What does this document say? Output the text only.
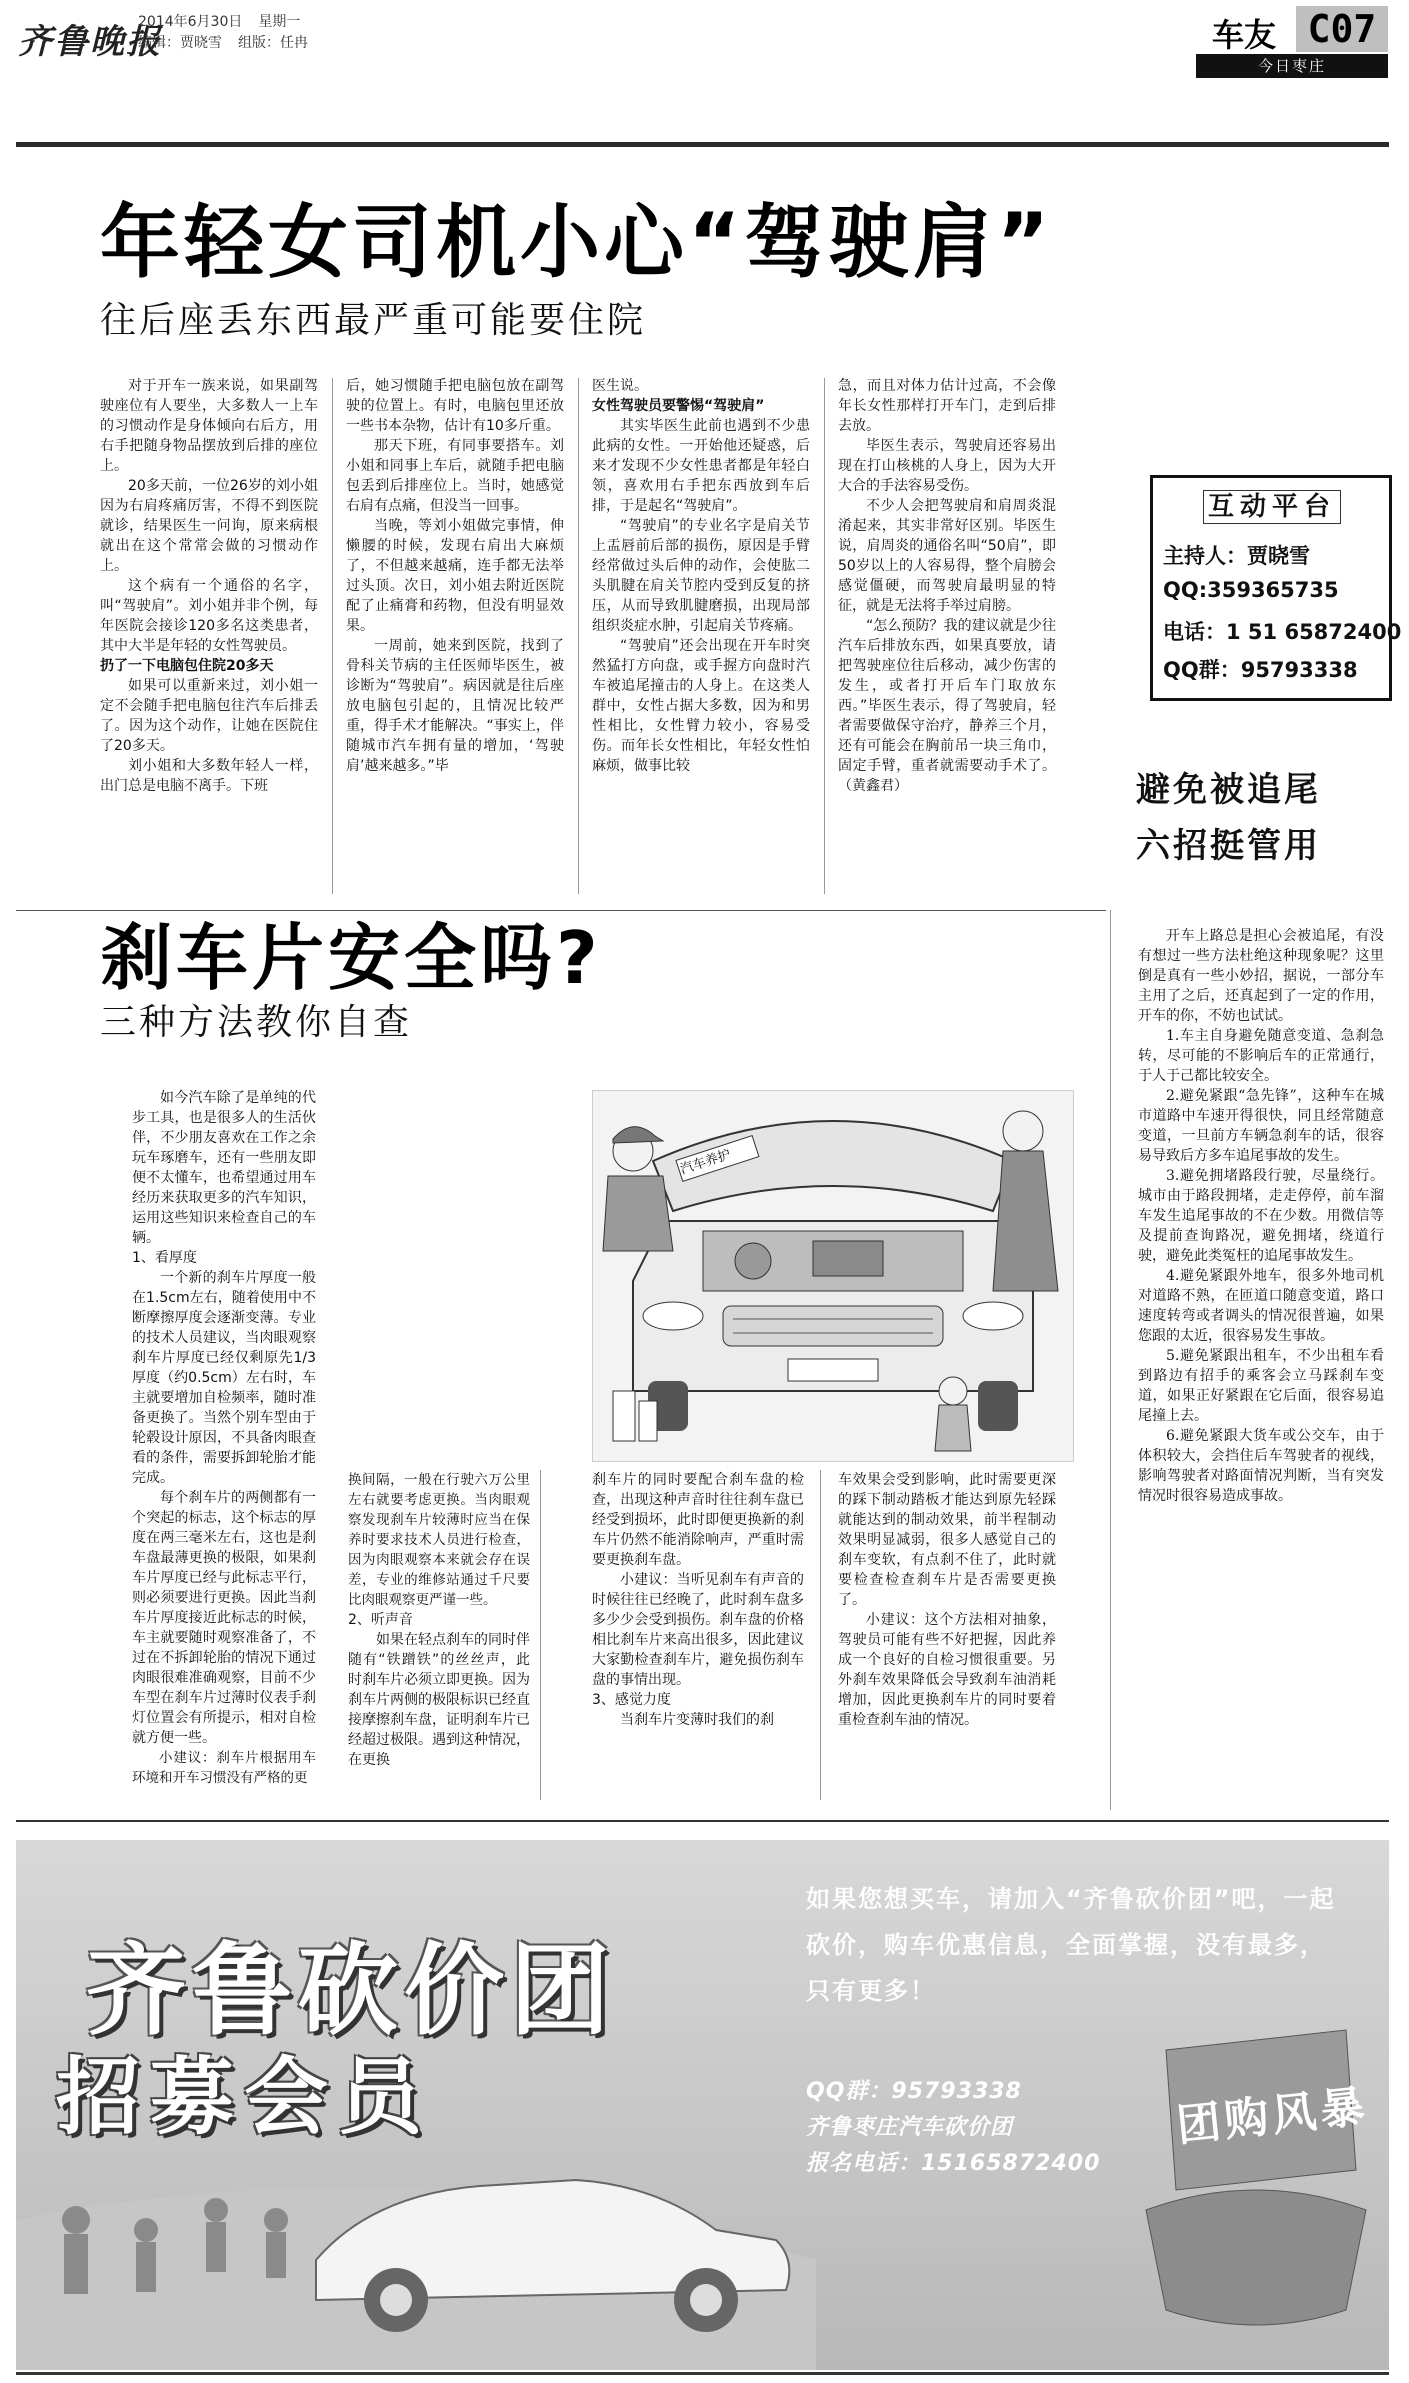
齐鲁晚报
2014年6月30日 星期一
编辑：贾晓雪 组版：任冉	车友 C07
今日枣庄
年轻女司机小心“驾驶肩”
往后座丢东西最严重可能要住院

对于开车一族来说，如果副驾驶座位有人要坐，大多数人一上车的习惯动作是身体倾向右后方，用右手把随身物品摆放到后排的座位上。

20多天前，一位26岁的刘小姐因为右肩疼痛厉害，不得不到医院就诊，结果医生一问询，原来病根就出在这个常常会做的习惯动作上。

这个病有一个通俗的名字，叫“驾驶肩”。刘小姐并非个例，每年医院会接诊120多名这类患者，其中大半是年轻的女性驾驶员。

扔了一下电脑包住院20多天

如果可以重新来过，刘小姐一定不会随手把电脑包往汽车后排丢了。因为这个动作，让她在医院住了20多天。

刘小姐和大多数年轻人一样，出门总是电脑不离手。下班

后，她习惯随手把电脑包放在副驾驶的位置上。有时，电脑包里还放一些书本杂物，估计有10多斤重。

那天下班，有同事要搭车。刘小姐和同事上车后，就随手把电脑包丢到后排座位上。当时，她感觉右肩有点痛，但没当一回事。

当晚，等刘小姐做完事情，伸懒腰的时候，发现右肩出大麻烦了，不但越来越痛，连手都无法举过头顶。次日，刘小姐去附近医院配了止痛膏和药物，但没有明显效果。

一周前，她来到医院，找到了骨科关节病的主任医师毕医生，被诊断为“驾驶肩”。病因就是往后座放电脑包引起的，且情况比较严重，得手术才能解决。“事实上，伴随城市汽车拥有量的增加，‘驾驶肩’越来越多。”毕

医生说。

女性驾驶员要警惕“驾驶肩”

其实毕医生此前也遇到不少患此病的女性。一开始他还疑惑，后来才发现不少女性患者都是年轻白领，喜欢用右手把东西放到车后排，于是起名“驾驶肩”。

“驾驶肩”的专业名字是肩关节上盂唇前后部的损伤，原因是手臂经常做过头后伸的动作，会使肱二头肌腱在肩关节腔内受到反复的挤压，从而导致肌腱磨损，出现局部组织炎症水肿，引起肩关节疼痛。

“驾驶肩”还会出现在开车时突然猛打方向盘，或手握方向盘时汽车被追尾撞击的人身上。在这类人群中，女性占据大多数，因为和男性相比，女性臂力较小，容易受伤。而年长女性相比，年轻女性怕麻烦，做事比较

急，而且对体力估计过高，不会像年长女性那样打开车门，走到后排去放。

毕医生表示，驾驶肩还容易出现在打山核桃的人身上，因为大开大合的手法容易受伤。

不少人会把驾驶肩和肩周炎混淆起来，其实非常好区别。毕医生说，肩周炎的通俗名叫“50肩”，即50岁以上的人容易得，整个肩膀会感觉僵硬，而驾驶肩最明显的特征，就是无法将手举过肩膀。

“怎么预防？我的建议就是少往汽车后排放东西，如果真要放，请把驾驶座位往后移动，减少伤害的发生，或者打开后车门取放东西。”毕医生表示，得了驾驶肩，轻者需要做保守治疗，静养三个月，还有可能会在胸前吊一块三角巾，固定手臂，重者就需要动手术了。（黄鑫君）

互动平台
主持人：贾晓雪
QQ:359365735
电话：1 51 65872400
QQ群：95793338
避免被追尾
六招挺管用
刹车片安全吗?
三种方法教你自查

如今汽车除了是单纯的代步工具，也是很多人的生活伙伴，不少朋友喜欢在工作之余玩车琢磨车，还有一些朋友即便不太懂车，也希望通过用车经历来获取更多的汽车知识，运用这些知识来检查自己的车辆。

1、看厚度

一个新的刹车片厚度一般在1.5cm左右，随着使用中不断摩擦厚度会逐渐变薄。专业的技术人员建议，当肉眼观察刹车片厚度已经仅剩原先1/3厚度（约0.5cm）左右时，车主就要增加自检频率，随时准备更换了。当然个别车型由于轮毂设计原因，不具备肉眼查看的条件，需要拆卸轮胎才能完成。

每个刹车片的两侧都有一个突起的标志，这个标志的厚度在两三毫米左右，这也是刹车盘最薄更换的极限，如果刹车片厚度已经与此标志平行，则必须要进行更换。因此当刹车片厚度接近此标志的时候，车主就要随时观察准备了，不过在不拆卸轮胎的情况下通过肉眼很难准确观察，目前不少车型在刹车片过薄时仪表手刹灯位置会有所提示，相对自检就方便一些。

小建议：刹车片根据用车环境和开车习惯没有严格的更

汽车养护

换间隔，一般在行驶六万公里左右就要考虑更换。当肉眼观察发现刹车片较薄时应当在保养时要求技术人员进行检查，因为肉眼观察本来就会存在误差，专业的维修站通过千尺要比肉眼观察更严谨一些。

2、听声音

如果在轻点刹车的同时伴随有“铁蹭铁”的丝丝声，此时刹车片必须立即更换。因为刹车片两侧的极限标识已经直接摩擦刹车盘，证明刹车片已经超过极限。遇到这种情况，在更换

刹车片的同时要配合刹车盘的检查，出现这种声音时往往刹车盘已经受到损坏，此时即便更换新的刹车片仍然不能消除响声，严重时需要更换刹车盘。

小建议：当听见刹车有声音的时候往往已经晚了，此时刹车盘多多少少会受到损伤。刹车盘的价格相比刹车片来高出很多，因此建议大家勤检查刹车片，避免损伤刹车盘的事情出现。

3、感觉力度

当刹车片变薄时我们的刹

车效果会受到影响，此时需要更深的踩下制动踏板才能达到原先轻踩就能达到的制动效果，前半程制动效果明显减弱，很多人感觉自己的刹车变软，有点刹不住了，此时就要检查检查刹车片是否需要更换了。

小建议：这个方法相对抽象，驾驶员可能有些不好把握，因此养成一个良好的自检习惯很重要。另外刹车效果降低会导致刹车油消耗增加，因此更换刹车片的同时要着重检查刹车油的情况。

开车上路总是担心会被追尾，有没有想过一些方法杜绝这种现象呢？这里倒是真有一些小妙招，据说，一部分车主用了之后，还真起到了一定的作用，开车的你，不妨也试试。

1.车主自身避免随意变道、急刹急转，尽可能的不影响后车的正常通行，于人于己都比较安全。

2.避免紧跟“急先锋”，这种车在城市道路中车速开得很快，同且经常随意变道，一旦前方车辆急刹车的话，很容易导致后方多车追尾事故的发生。

3.避免拥堵路段行驶，尽量绕行。城市由于路段拥堵，走走停停，前车溜车发生追尾事故的不在少数。用微信等及提前查询路况，避免拥堵，绕道行驶，避免此类冤枉的追尾事故发生。

4.避免紧跟外地车，很多外地司机对道路不熟，在匝道口随意变道，路口速度转弯或者调头的情况很普遍，如果您跟的太近，很容易发生事故。

5.避免紧跟出租车，不少出租车看到路边有招手的乘客会立马踩刹车变道，如果正好紧跟在它后面，很容易追尾撞上去。

6.避免紧跟大货车或公交车，由于体积较大，会挡住后车驾驶者的视线，影响驾驶者对路面情况判断，当有突发情况时很容易造成事故。

齐鲁砍价团
招募会员
如果您想买车，请加入“齐鲁砍价团”吧，一起砍价，购车优惠信息，全面掌握，没有最多，只有更多！
QQ群：95793338
齐鲁枣庄汽车砍价团
报名电话：15165872400
团购风暴
